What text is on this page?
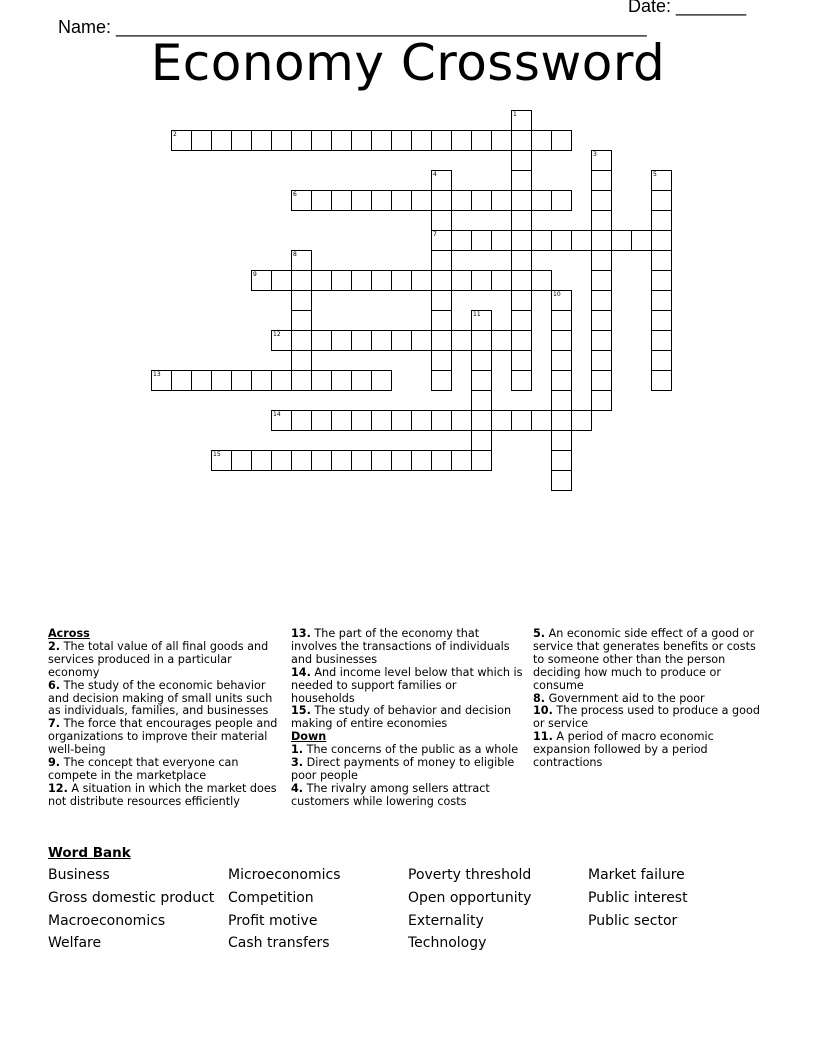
Name: _____________________________________________________

Date: _______

Economy Crossword
1
2
3
4
7
5
6
8
9
10
11
12
13
14
15
Across
2. The total value of all final goods and services produced in a particular economy
6. The study of the economic behavior and decision making of small units such as individuals, families, and businesses
7. The force that encourages people and organizations to improve their material well-being
9. The concept that everyone can compete in the marketplace
12. A situation in which the market does not distribute resources efficiently
13. The part of the economy that involves the transactions of individuals and businesses
14. And income level below that which is needed to support families or households
15. The study of behavior and decision making of entire economies
Down
1. The concerns of the public as a whole
3. Direct payments of money to eligible poor people
4. The rivalry among sellers attract customers while lowering costs
5. An economic side effect of a good or service that generates benefits or costs to someone other than the person deciding how much to produce or consume
8. Government aid to the poor
10. The process used to produce a good or service
11. A period of macro economic expansion followed by a period contractions
Word Bank
Business
Gross domestic product
Macroeconomics
Welfare
Microeconomics
Competition
Profit motive
Cash transfers
Poverty threshold
Open opportunity
Externality
Technology
Market failure
Public interest
Public sector
